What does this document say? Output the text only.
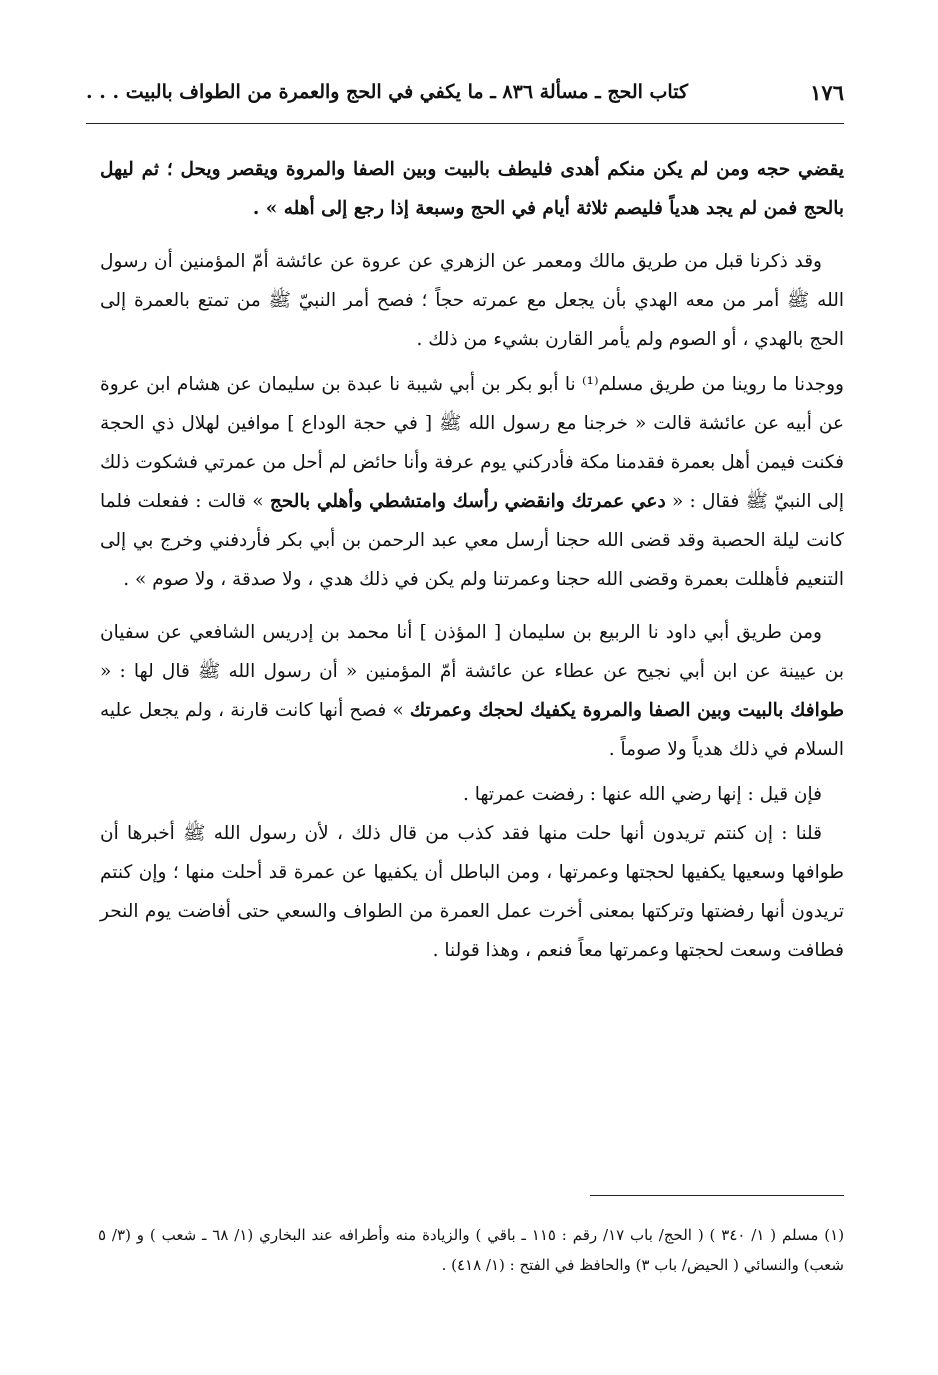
١٧٦
كتاب الحج ـ مسألة ٨٣٦ ـ ما يكفي في الحج والعمرة من الطواف بالبيت . . .

يقضي حجه ومن لم يكن منكم أهدى فليطف بالبيت وبين الصفا والمروة ويقصر ويحل ؛ ثم ليهل بالحج فمن لم يجد هدياً فليصم ثلاثة أيام في الحج وسبعة إذا رجع إلى أهله » .

وقد ذكرنا قبل من طريق مالك ومعمر عن الزهري عن عروة عن عائشة أمّ المؤمنين أن رسول الله ﷺ أمر من معه الهدي بأن يجعل مع عمرته حجاً ؛ فصح أمر النبيّ ﷺ من تمتع بالعمرة إلى الحج بالهدي ، أو الصوم ولم يأمر القارن بشيء من ذلك .

ووجدنا ما روينا من طريق مسلم⁽¹⁾ نا أبو بكر بن أبي شيبة نا عبدة بن سليمان عن هشام ابن عروة عن أبيه عن عائشة قالت « خرجنا مع رسول الله ﷺ [ في حجة الوداع ] موافين لهلال ذي الحجة فكنت فيمن أهل بعمرة فقدمنا مكة فأدركني يوم عرفة وأنا حائض لم أحل من عمرتي فشكوت ذلك إلى النبيّ ﷺ فقال : « دعي عمرتك وانقضي رأسك وامتشطي وأهلي بالحج » قالت : ففعلت فلما كانت ليلة الحصبة وقد قضى الله حجنا أرسل معي عبد الرحمن بن أبي بكر فأردفني وخرج بي إلى التنعيم فأهللت بعمرة وقضى الله حجنا وعمرتنا ولم يكن في ذلك هدي ، ولا صدقة ، ولا صوم » .

ومن طريق أبي داود نا الربيع بن سليمان [ المؤذن ] أنا محمد بن إدريس الشافعي عن سفيان بن عيينة عن ابن أبي نجيح عن عطاء عن عائشة أمّ المؤمنين « أن رسول الله ﷺ قال لها : « طوافك بالبيت وبين الصفا والمروة يكفيك لحجك وعمرتك » فصح أنها كانت قارنة ، ولم يجعل عليه السلام في ذلك هدياً ولا صوماً .

فإن قيل : إنها رضي الله عنها : رفضت عمرتها .

قلنا : إن كنتم تريدون أنها حلت منها فقد كذب من قال ذلك ، لأن رسول الله ﷺ أخبرها أن طوافها وسعيها يكفيها لحجتها وعمرتها ، ومن الباطل أن يكفيها عن عمرة قد أحلت منها ؛ وإن كنتم تريدون أنها رفضتها وتركتها بمعنى أخرت عمل العمرة من الطواف والسعي حتى أفاضت يوم النحر فطافت وسعت لحجتها وعمرتها معاً فنعم ، وهذا قولنا .

(١) مسلم ( ١/ ٣٤٠ ) ( الحج/ باب ١٧/ رقم : ١١٥ ـ باقي ) والزيادة منه وأطرافه عند البخاري (١/ ٦٨ ـ شعب ) و (٣/ ٥ شعب) والنسائي ( الحيض/ باب ٣) والحافظ في الفتح : (١/ ٤١٨) .
